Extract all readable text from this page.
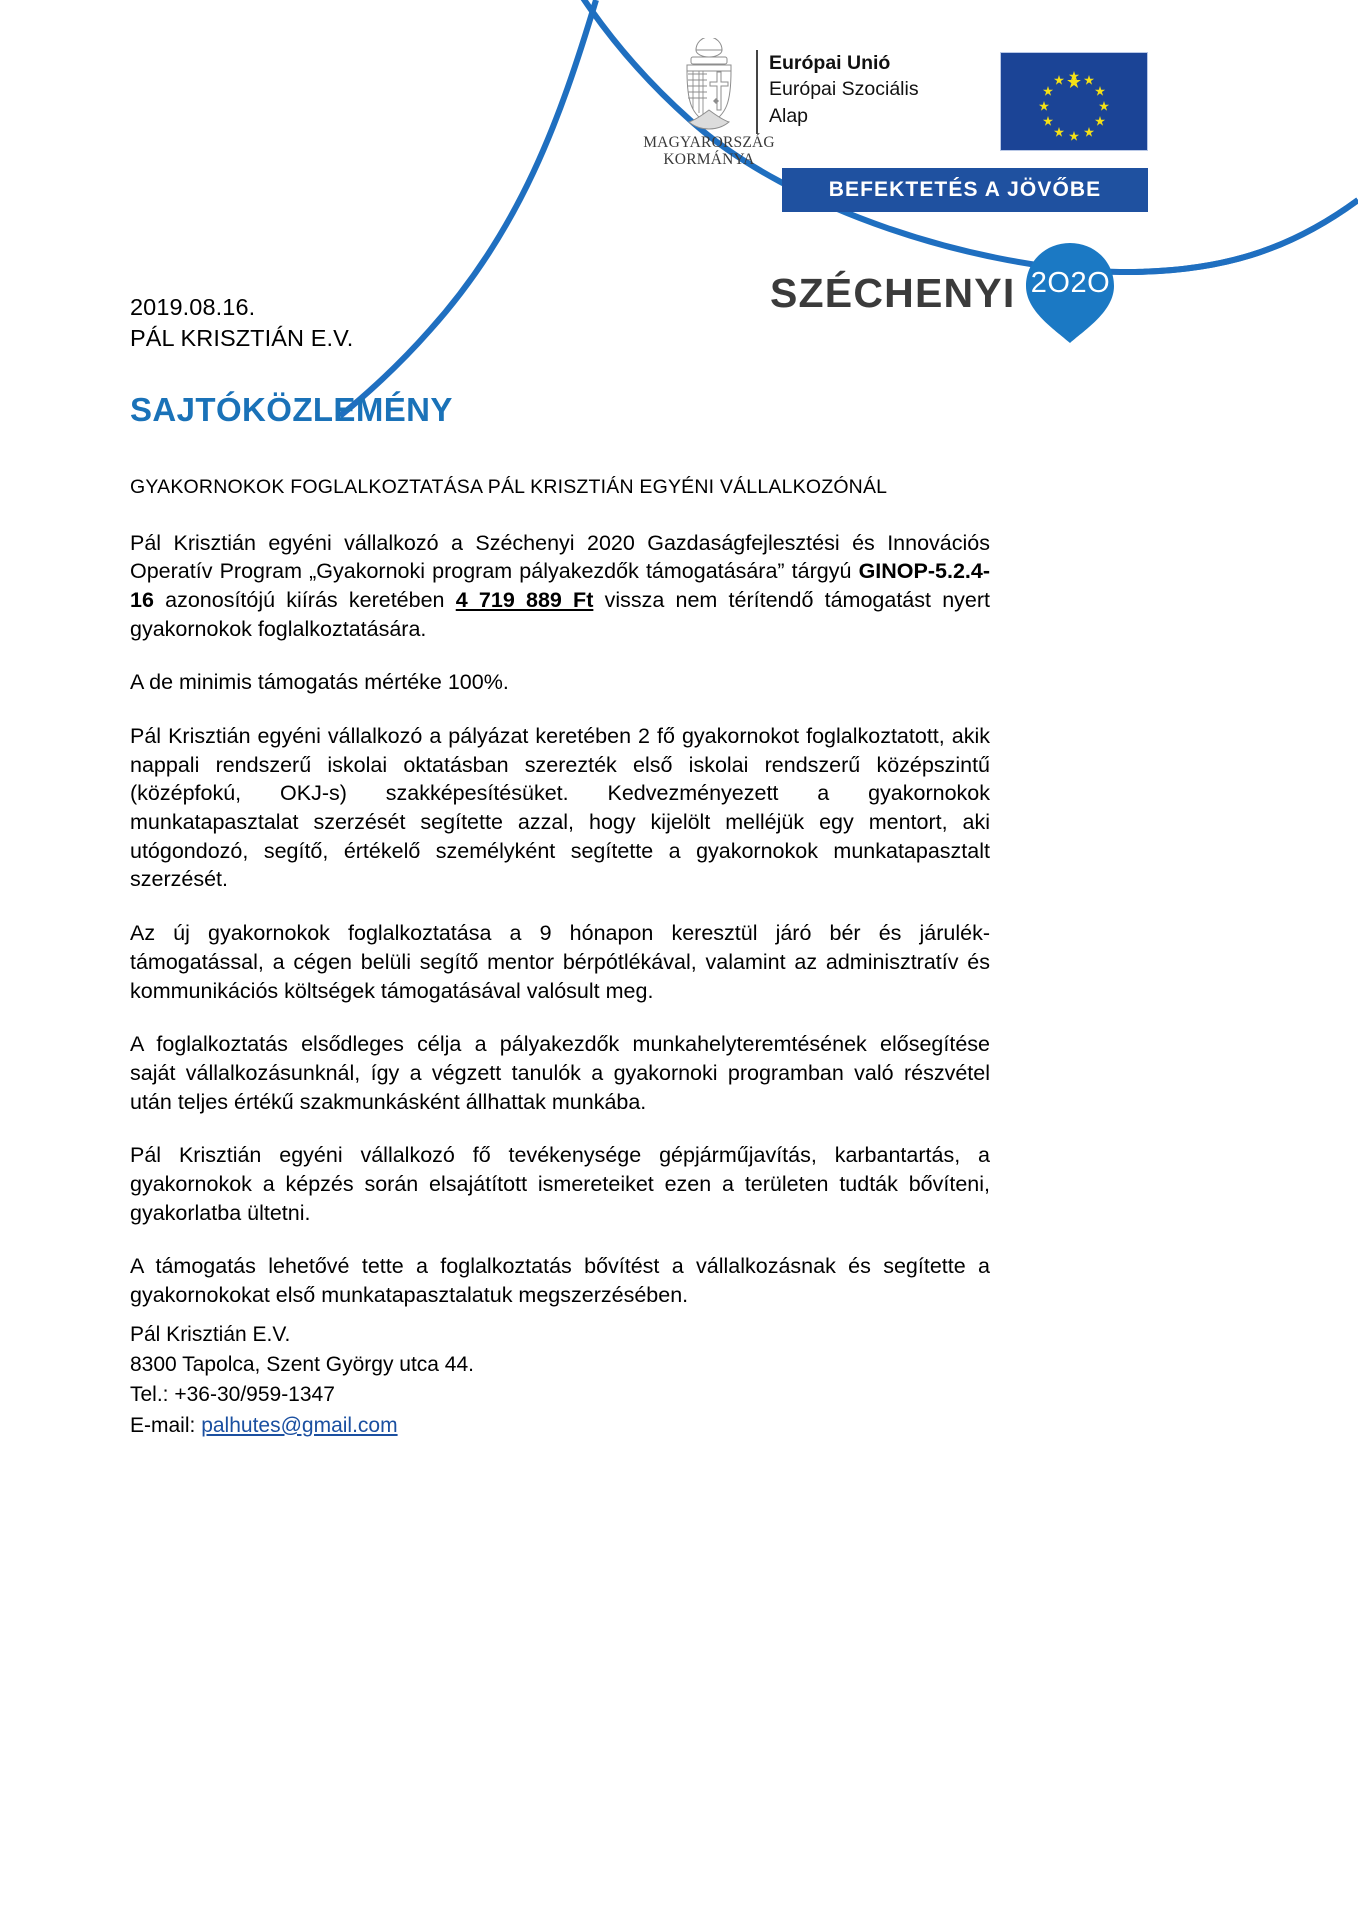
MAGYARORSZÁG
KORMÁNYA
Európai Unió
Európai Szociális
Alap
BEFEKTETÉS A JÖVŐBE
SZÉCHENYI 2O2O
2019.08.16.
PÁL KRISZTIÁN E.V.
SAJTÓKÖZLEMÉNY
GYAKORNOKOK FOGLALKOZTATÁSA PÁL KRISZTIÁN EGYÉNI VÁLLALKOZÓNÁL

Pál Krisztián egyéni vállalkozó a Széchenyi 2020 Gazdaságfejlesztési és Innovációs Operatív Program „Gyakornoki program pályakezdők támogatására” tárgyú GINOP-5.2.4-16 azonosítójú kiírás keretében 4 719 889 Ft vissza nem térítendő támogatást nyert gyakornokok foglalkoztatására.

A de minimis támogatás mértéke 100%.

Pál Krisztián egyéni vállalkozó a pályázat keretében 2 fő gyakornokot foglalkoztatott, akik nappali rendszerű iskolai oktatásban szerezték első iskolai rendszerű középszintű (középfokú, OKJ-s) szakképesítésüket. Kedvezményezett a gyakornokok munkatapasztalat szerzését segítette azzal, hogy kijelölt melléjük egy mentort, aki utógondozó, segítő, értékelő személyként segítette a gyakornokok munkatapasztalt szerzését.

Az új gyakornokok foglalkoztatása a 9 hónapon keresztül járó bér és járulék-támogatással, a cégen belüli segítő mentor bérpótlékával, valamint az adminisztratív és kommunikációs költségek támogatásával valósult meg.

A foglalkoztatás elsődleges célja a pályakezdők munkahelyteremtésének elősegítése saját vállalkozásunknál, így a végzett tanulók a gyakornoki programban való részvétel után teljes értékű szakmunkásként állhattak munkába.

Pál Krisztián egyéni vállalkozó fő tevékenysége gépjárműjavítás, karbantartás, a gyakornokok a képzés során elsajátított ismereteiket ezen a területen tudták bővíteni, gyakorlatba ültetni.

A támogatás lehetővé tette a foglalkoztatás bővítést a vállalkozásnak és segítette a gyakornokokat első munkatapasztalatuk megszerzésében.

Pál Krisztián E.V.
8300 Tapolca, Szent György utca 44.
Tel.: +36-30/959-1347
E-mail: palhutes@gmail.com
